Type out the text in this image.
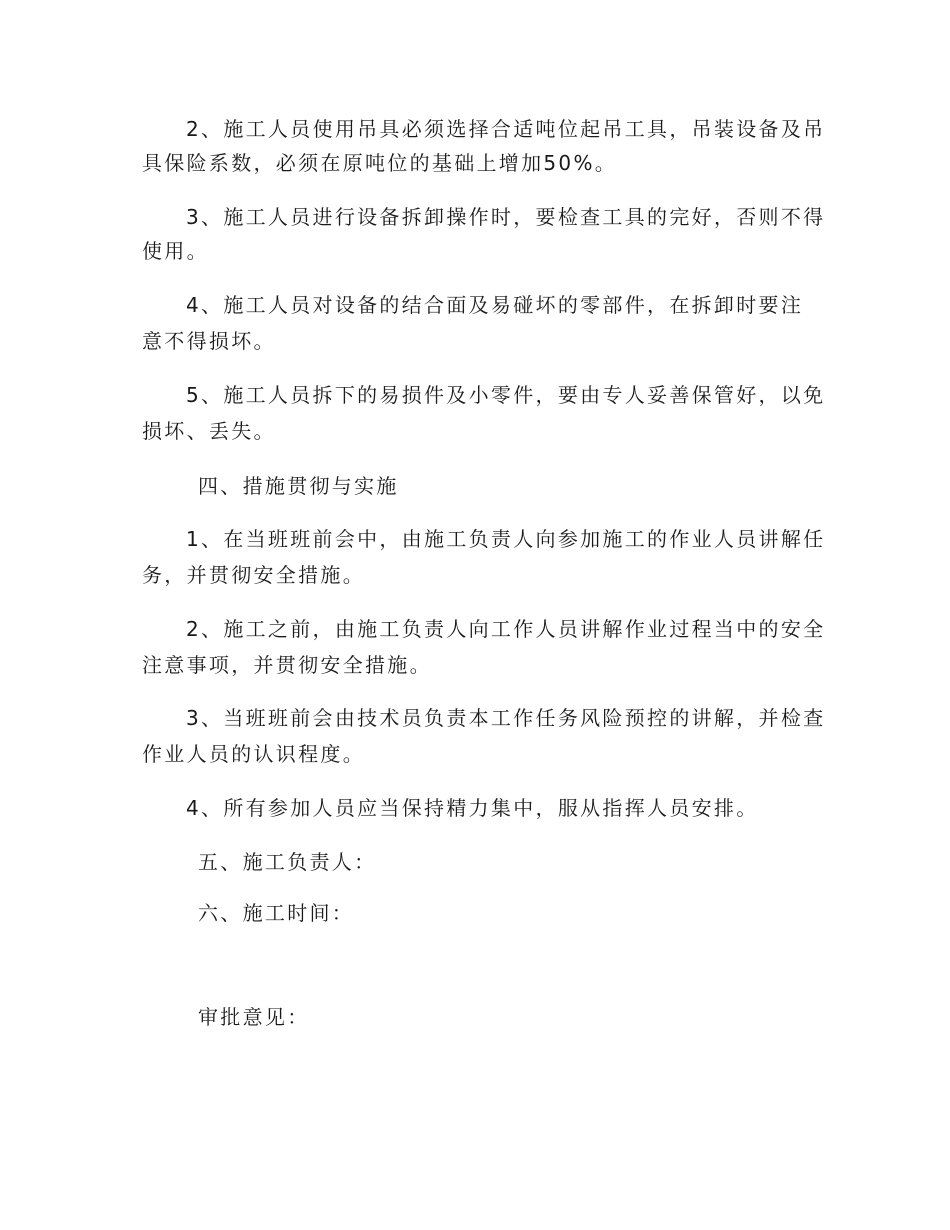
2、施工人员使用吊具必须选择合适吨位起吊工具，吊装设备及吊
具保险系数，必须在原吨位的基础上增加50%。
3、施工人员进行设备拆卸操作时，要检查工具的完好，否则不得
使用。
4、施工人员对设备的结合面及易碰坏的零部件，在拆卸时要注
意不得损坏。
5、施工人员拆下的易损件及小零件，要由专人妥善保管好，以免
损坏、丢失。
四、措施贯彻与实施
1、在当班班前会中，由施工负责人向参加施工的作业人员讲解任
务，并贯彻安全措施。
2、施工之前，由施工负责人向工作人员讲解作业过程当中的安全
注意事项，并贯彻安全措施。
3、当班班前会由技术员负责本工作任务风险预控的讲解，并检查
作业人员的认识程度。
4、所有参加人员应当保持精力集中，服从指挥人员安排。
五、施工负责人：
六、施工时间：
审批意见：
